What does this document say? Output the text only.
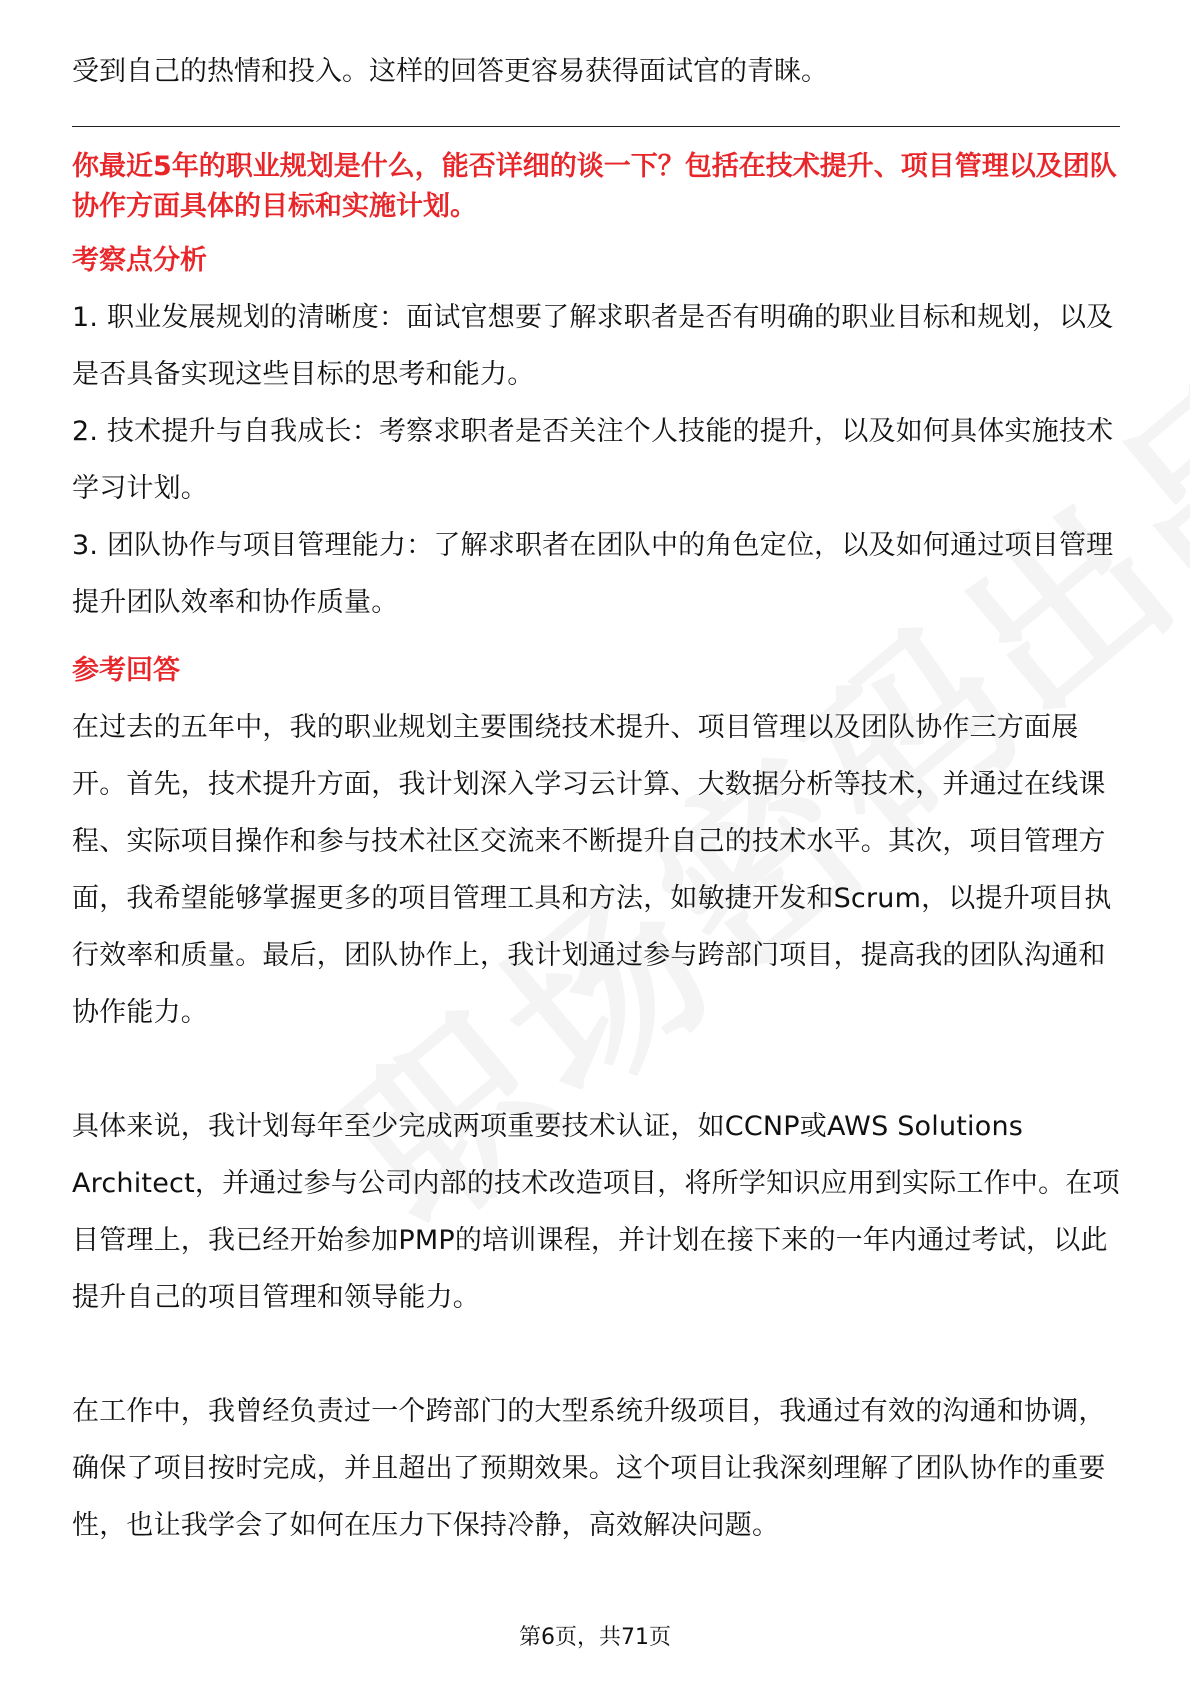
受到自己的热情和投入。这样的回答更容易获得面试官的青睐。

你最近5年的职业规划是什么，能否详细的谈一下？包括在技术提升、项目管理以及团队协作方面具体的目标和实施计划。

考察点分析

1. 职业发展规划的清晰度：面试官想要了解求职者是否有明确的职业目标和规划，以及是否具备实现这些目标的思考和能力。

2. 技术提升与自我成长：考察求职者是否关注个人技能的提升，以及如何具体实施技术学习计划。

3. 团队协作与项目管理能力：了解求职者在团队中的角色定位，以及如何通过项目管理提升团队效率和协作质量。

参考回答

在过去的五年中，我的职业规划主要围绕技术提升、项目管理以及团队协作三方面展开。首先，技术提升方面，我计划深入学习云计算、大数据分析等技术，并通过在线课程、实际项目操作和参与技术社区交流来不断提升自己的技术水平。其次，项目管理方面，我希望能够掌握更多的项目管理工具和方法，如敏捷开发和Scrum，以提升项目执行效率和质量。最后，团队协作上，我计划通过参与跨部门项目，提高我的团队沟通和协作能力。

具体来说，我计划每年至少完成两项重要技术认证，如CCNP或AWS Solutions Architect，并通过参与公司内部的技术改造项目，将所学知识应用到实际工作中。在项目管理上，我已经开始参加PMP的培训课程，并计划在接下来的一年内通过考试，以此提升自己的项目管理和领导能力。

在工作中，我曾经负责过一个跨部门的大型系统升级项目，我通过有效的沟通和协调，确保了项目按时完成，并且超出了预期效果。这个项目让我深刻理解了团队协作的重要性，也让我学会了如何在压力下保持冷静，高效解决问题。

第6页，共71页
